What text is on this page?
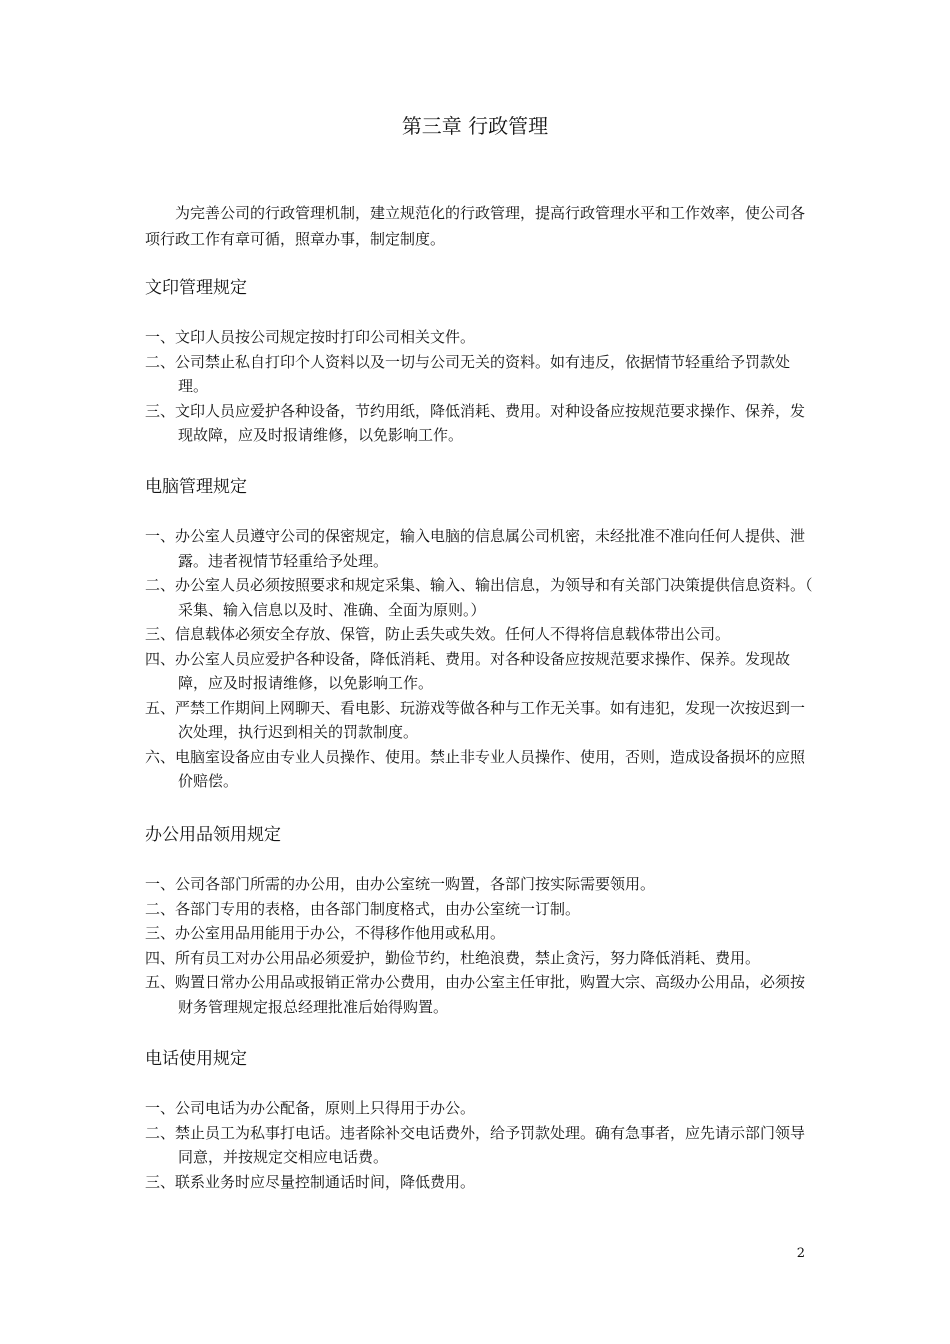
第三章 行政管理

为完善公司的行政管理机制，建立规范化的行政管理，提高行政管理水平和工作效率，使公司各项行政工作有章可循，照章办事，制定制度。

文印管理规定
一、文印人员按公司规定按时打印公司相关文件。
二、公司禁止私自打印个人资料以及一切与公司无关的资料。如有违反，依据情节轻重给予罚款处理。
三、文印人员应爱护各种设备，节约用纸，降低消耗、费用。对种设备应按规范要求操作、保养，发现故障，应及时报请维修，以免影响工作。
电脑管理规定
一、办公室人员遵守公司的保密规定，输入电脑的信息属公司机密，未经批准不准向任何人提供、泄露。违者视情节轻重给予处理。
二、办公室人员必须按照要求和规定采集、输入、输出信息，为领导和有关部门决策提供信息资料。（ 采集、输入信息以及时、准确、全面为原则。）
三、信息载体必须安全存放、保管，防止丢失或失效。任何人不得将信息载体带出公司。
四、办公室人员应爱护各种设备，降低消耗、费用。对各种设备应按规范要求操作、保养。发现故障，应及时报请维修，以免影响工作。
五、严禁工作期间上网聊天、看电影、玩游戏等做各种与工作无关事。如有违犯，发现一次按迟到一次处理，执行迟到相关的罚款制度。
六、电脑室设备应由专业人员操作、使用。禁止非专业人员操作、使用，否则，造成设备损坏的应照价赔偿。
办公用品领用规定
一、公司各部门所需的办公用，由办公室统一购置，各部门按实际需要领用。
二、各部门专用的表格，由各部门制度格式，由办公室统一订制。
三、办公室用品用能用于办公，不得移作他用或私用。
四、所有员工对办公用品必须爱护，勤俭节约，杜绝浪费，禁止贪污，努力降低消耗、费用。
五、购置日常办公用品或报销正常办公费用，由办公室主任审批，购置大宗、高级办公用品，必须按财务管理规定报总经理批准后始得购置。
电话使用规定
一、公司电话为办公配备，原则上只得用于办公。
二、禁止员工为私事打电话。违者除补交电话费外，给予罚款处理。确有急事者，应先请示部门领导同意，并按规定交相应电话费。
三、联系业务时应尽量控制通话时间，降低费用。
2
